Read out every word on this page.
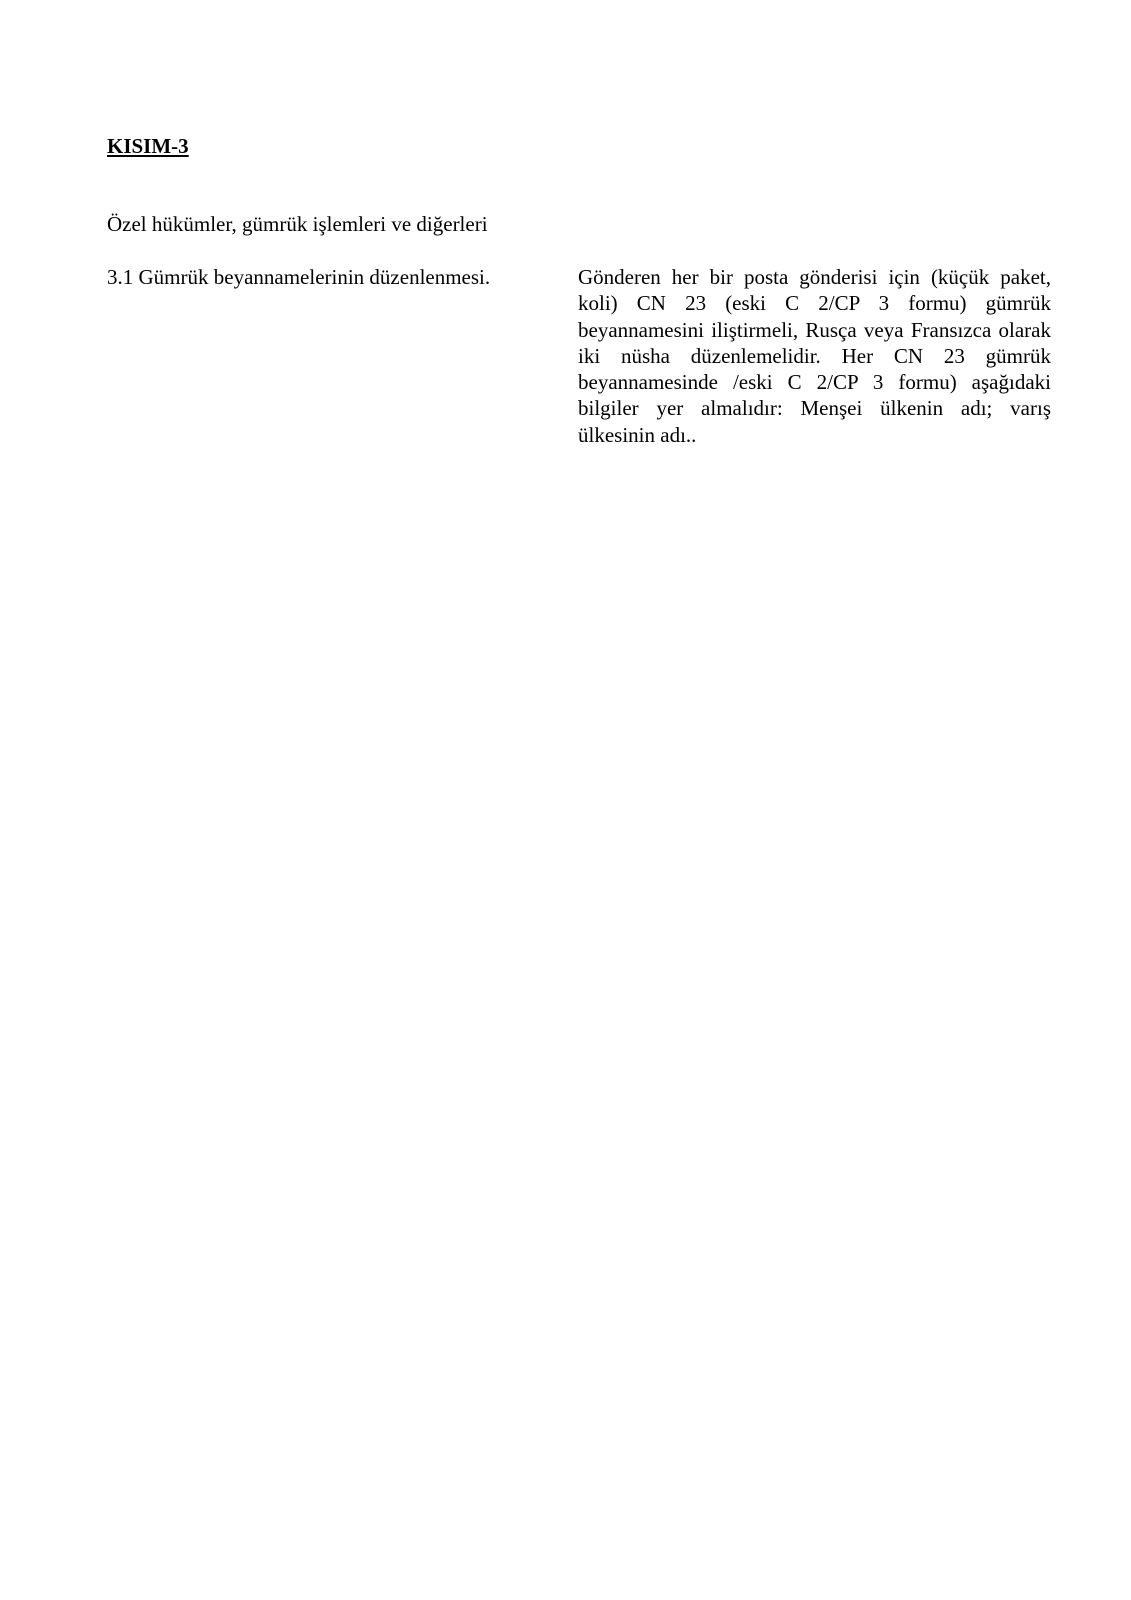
KISIM-3

Özel hükümler, gümrük işlemleri ve diğerleri

3.1 Gümrük beyannamelerinin düzenlenmesi.	Gönderen her bir posta gönderisi için (küçük paket, koli) CN 23 (eski C 2/CP 3 formu) gümrük beyannamesini iliştirmeli, Rusça veya Fransızca olarak iki nüsha düzenlemelidir. Her CN 23 gümrük beyannamesinde /eski C 2/CP 3 formu) aşağıdaki bilgiler yer almalıdır: Menşei ülkenin adı; varış ülkesinin adı..
